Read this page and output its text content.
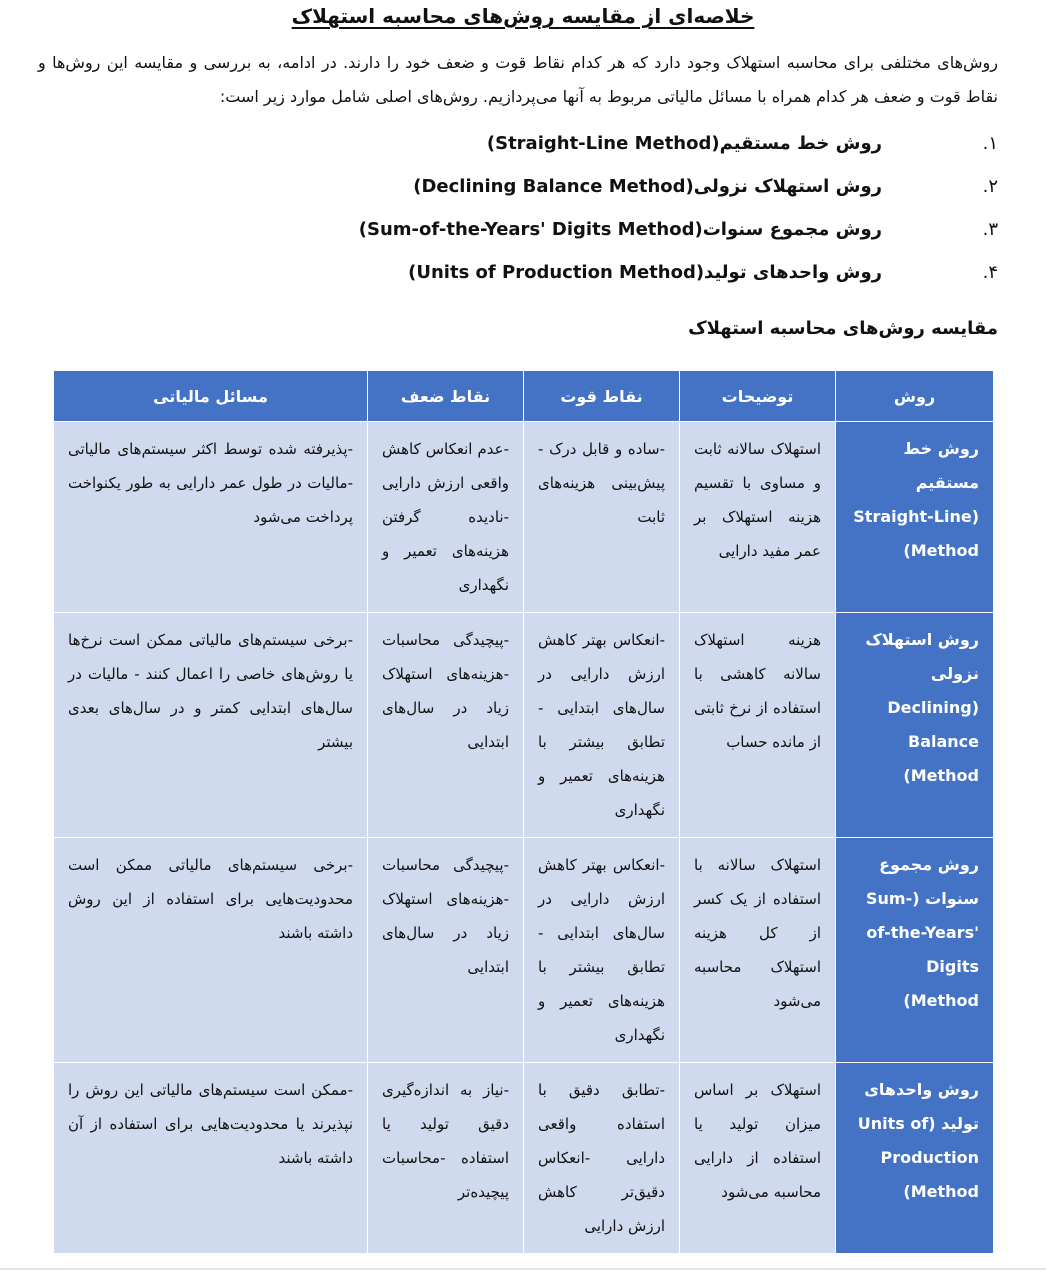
خلاصه‌ای از مقایسه روش‌های محاسبه استهلاک
روش‌های مختلفی برای محاسبه استهلاک وجود دارد که هر کدام نقاط قوت و ضعف خود را دارند. در ادامه، به بررسی و مقایسه این روش‌ها و نقاط قوت و ضعف هر کدام همراه با مسائل مالیاتی مربوط به آنها می‌پردازیم. روش‌های اصلی شامل موارد زیر است:
۱.
روش خط مستقیم(Straight-Line Method)
۲.
روش استهلاک نزولی(Declining Balance Method)
۳.
روش مجموع سنوات(Sum-of-the-Years' Digits Method)
۴.
روش واحدهای تولید(Units of Production Method)
مقایسه روش‌های محاسبه استهلاک
روش	توضیحات	نقاط قوت	نقاط ضعف	مسائل مالیاتی
روش خط مستقیم (Straight-Line Method)	استهلاک سالانه ثابت و مساوی با تقسیم هزینه استهلاک بر عمر مفید دارایی	-ساده و قابل درک - پیش‌بینی هزینه‌های ثابت	-عدم انعکاس کاهش واقعی ارزش دارایی -نادیده گرفتن هزینه‌های تعمیر و نگهداری	-پذیرفته شده توسط اکثر سیستم‌های مالیاتی -مالیات در طول عمر دارایی به طور یکنواخت پرداخت می‌شود
روش استهلاک نزولی (Declining Balance Method)	هزینه استهلاک سالانه کاهشی با استفاده از نرخ ثابتی از مانده حساب	-انعکاس بهتر کاهش ارزش دارایی در سال‌های ابتدایی - تطابق بیشتر با هزینه‌های تعمیر و نگهداری	-پیچیدگی محاسبات -هزینه‌های استهلاک زیاد در سال‌های ابتدایی	-برخی سیستم‌های مالیاتی ممکن است نرخ‌ها یا روش‌های خاصی را اعمال کنند - مالیات در سال‌های ابتدایی کمتر و در سال‌های بعدی بیشتر
روش مجموع سنوات (Sum-of-the-Years' Digits Method)	استهلاک سالانه با استفاده از یک کسر از کل هزینه استهلاک محاسبه می‌شود	-انعکاس بهتر کاهش ارزش دارایی در سال‌های ابتدایی - تطابق بیشتر با هزینه‌های تعمیر و نگهداری	-پیچیدگی محاسبات -هزینه‌های استهلاک زیاد در سال‌های ابتدایی	-برخی سیستم‌های مالیاتی ممکن است محدودیت‌هایی برای استفاده از این روش داشته باشند
روش واحدهای تولید (Units of Production Method)	استهلاک بر اساس میزان تولید یا استفاده از دارایی محاسبه می‌شود	-تطابق دقیق با استفاده واقعی دارایی -انعکاس دقیق‌تر کاهش ارزش دارایی	-نیاز به اندازه‌گیری دقیق تولید یا استفاده -محاسبات پیچیده‌تر	-ممکن است سیستم‌های مالیاتی این روش را نپذیرند یا محدودیت‌هایی برای استفاده از آن داشته باشند
